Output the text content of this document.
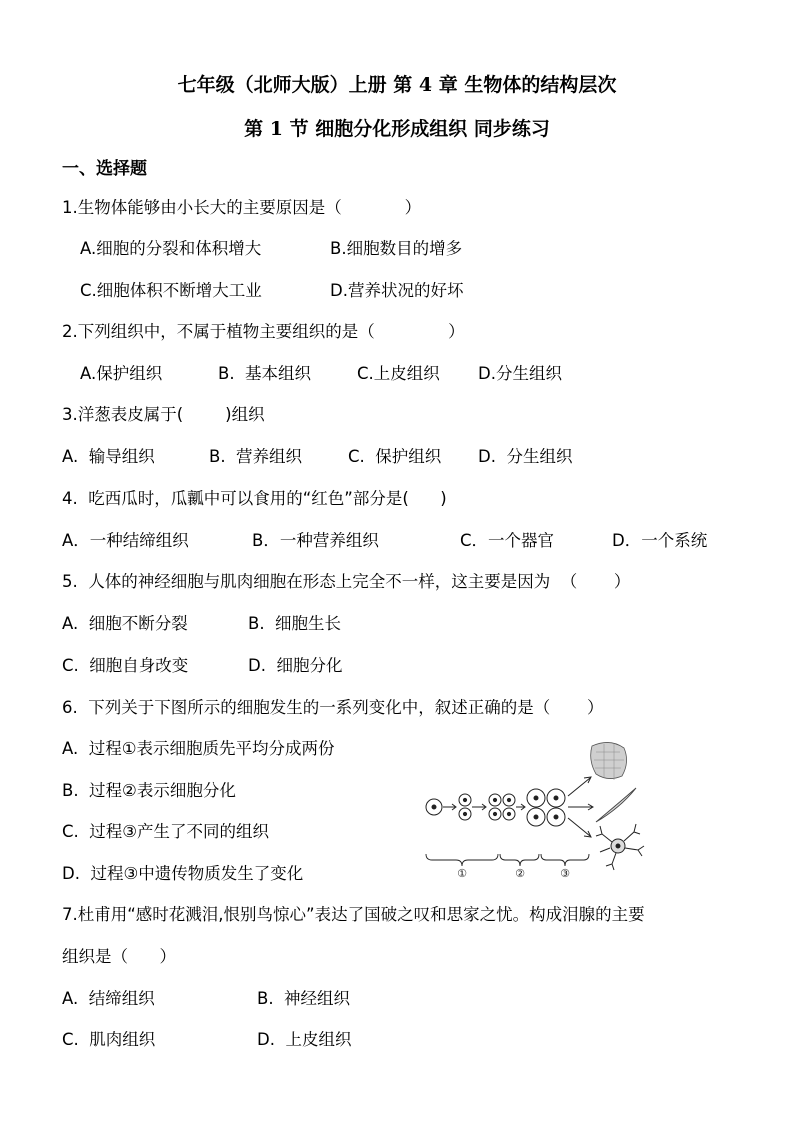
七年级（北师大版）上册 第 4 章 生物体的结构层次
第 1 节 细胞分化形成组织 同步练习
一、选择题
1.生物体能够由小长大的主要原因是（            ）
A.细胞的分裂和体积增大	B.细胞数目的增多
C.细胞体积不断增大工业	D.营养状况的好坏
2.下列组织中，不属于植物主要组织的是（              ）
A.保护组织	B.  基本组织	C.上皮组织 D.分生组织
3.洋葱表皮属于(        )组织
A.  输导组织	B.  营养组织	C.  保护组织 D.  分生组织
4.  吃西瓜时，瓜瓤中可以食用的“红色”部分是(      )
A．一种结缔组织	B．一种营养组织	C．一个器官	D．一个系统
5.  人体的神经细胞与肌肉细胞在形态上完全不一样，这主要是因为  （       ）
A.  细胞不断分裂	B.  细胞生长
C.  细胞自身改变	D.  细胞分化
6.  下列关于下图所示的细胞发生的一系列变化中，叙述正确的是（       ）
A.  过程①表示细胞质先平均分成两份
B.  过程②表示细胞分化
C.  过程③产生了不同的组织
D.  过程③中遗传物质发生了变化	①	②	③
7.杜甫用“感时花溅泪,恨别鸟惊心”表达了国破之叹和思家之忧。构成泪腺的主要
组织是（      ）
A.  结缔组织	B.  神经组织
C.  肌肉组织	D.  上皮组织
